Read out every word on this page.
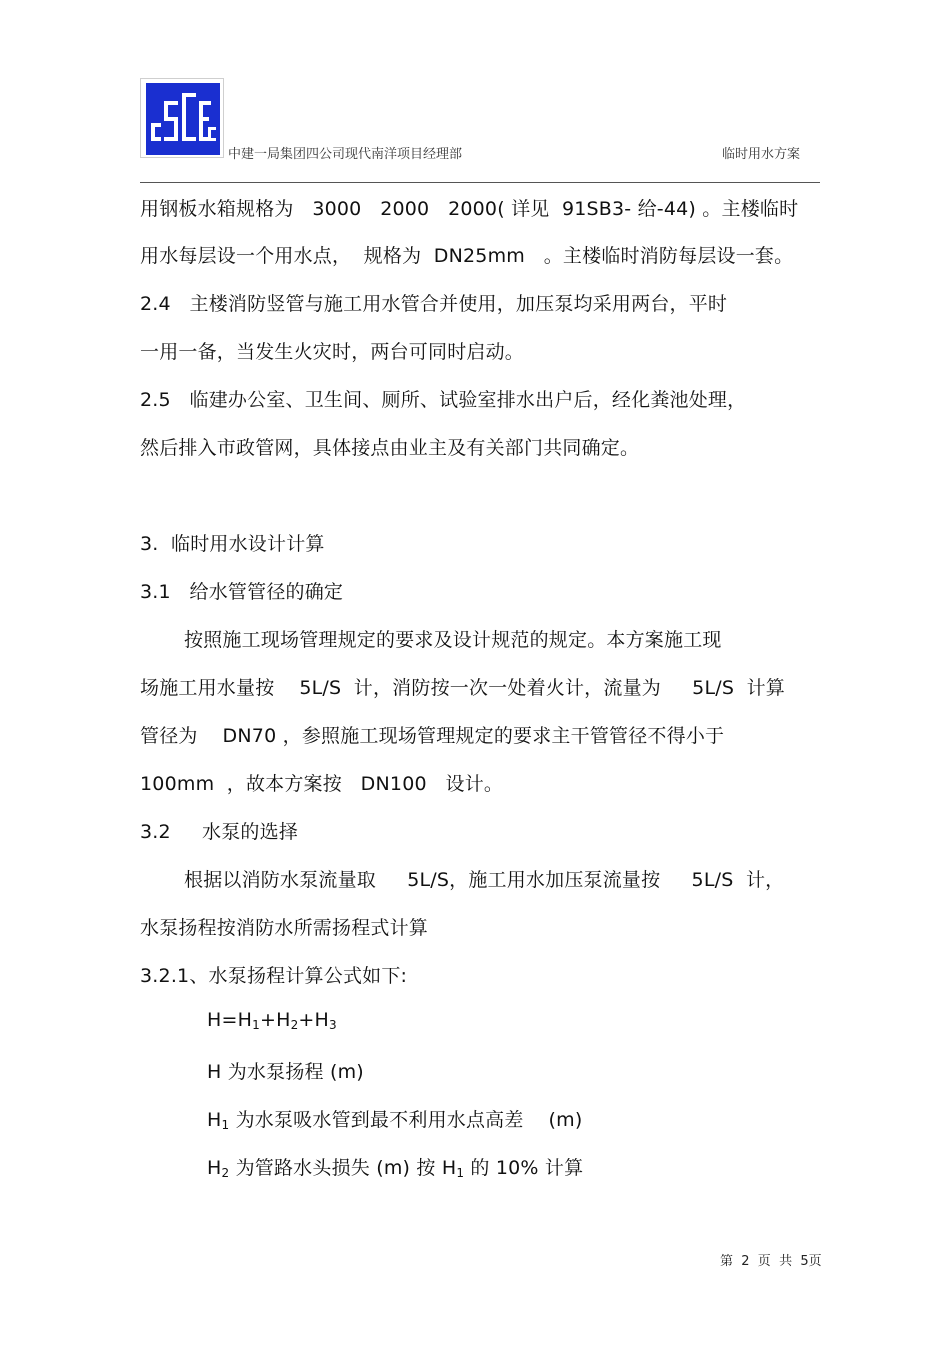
中建一局集团四公司现代南洋项目经理部	临时用水方案
用钢板水箱规格为   3000   2000   2000( 详见  91SB3- 给-44) 。主楼临时
用水每层设一个用水点，  规格为  DN25mm   。主楼临时消防每层设一套。
2.4   主楼消防竖管与施工用水管合并使用，加压泵均采用两台，平时
一用一备，当发生火灾时，两台可同时启动。
2.5   临建办公室、卫生间、厕所、试验室排水出户后，经化粪池处理，
然后排入市政管网，具体接点由业主及有关部门共同确定。
3.  临时用水设计计算
3.1   给水管管径的确定
按照施工现场管理规定的要求及设计规范的规定。本方案施工现
场施工用水量按    5L/S  计，消防按一次一处着火计，流量为     5L/S  计算
管径为    DN70 ，参照施工现场管理规定的要求主干管管径不得小于
100mm  ，故本方案按   DN100   设计。
3.2     水泵的选择
根据以消防水泵流量取     5L/S，施工用水加压泵流量按     5L/S  计，
水泵扬程按消防水所需扬程式计算
3.2.1、水泵扬程计算公式如下:
$H=H_1+H_2+H_3$
H 为水泵扬程 (m)
$H_1$ 为水泵吸水管到最不利用水点高差    (m)
$H_2$ 为管路水头损失 (m) 按 $H_1$ 的 10% 计算
第  2  页  共  5页
